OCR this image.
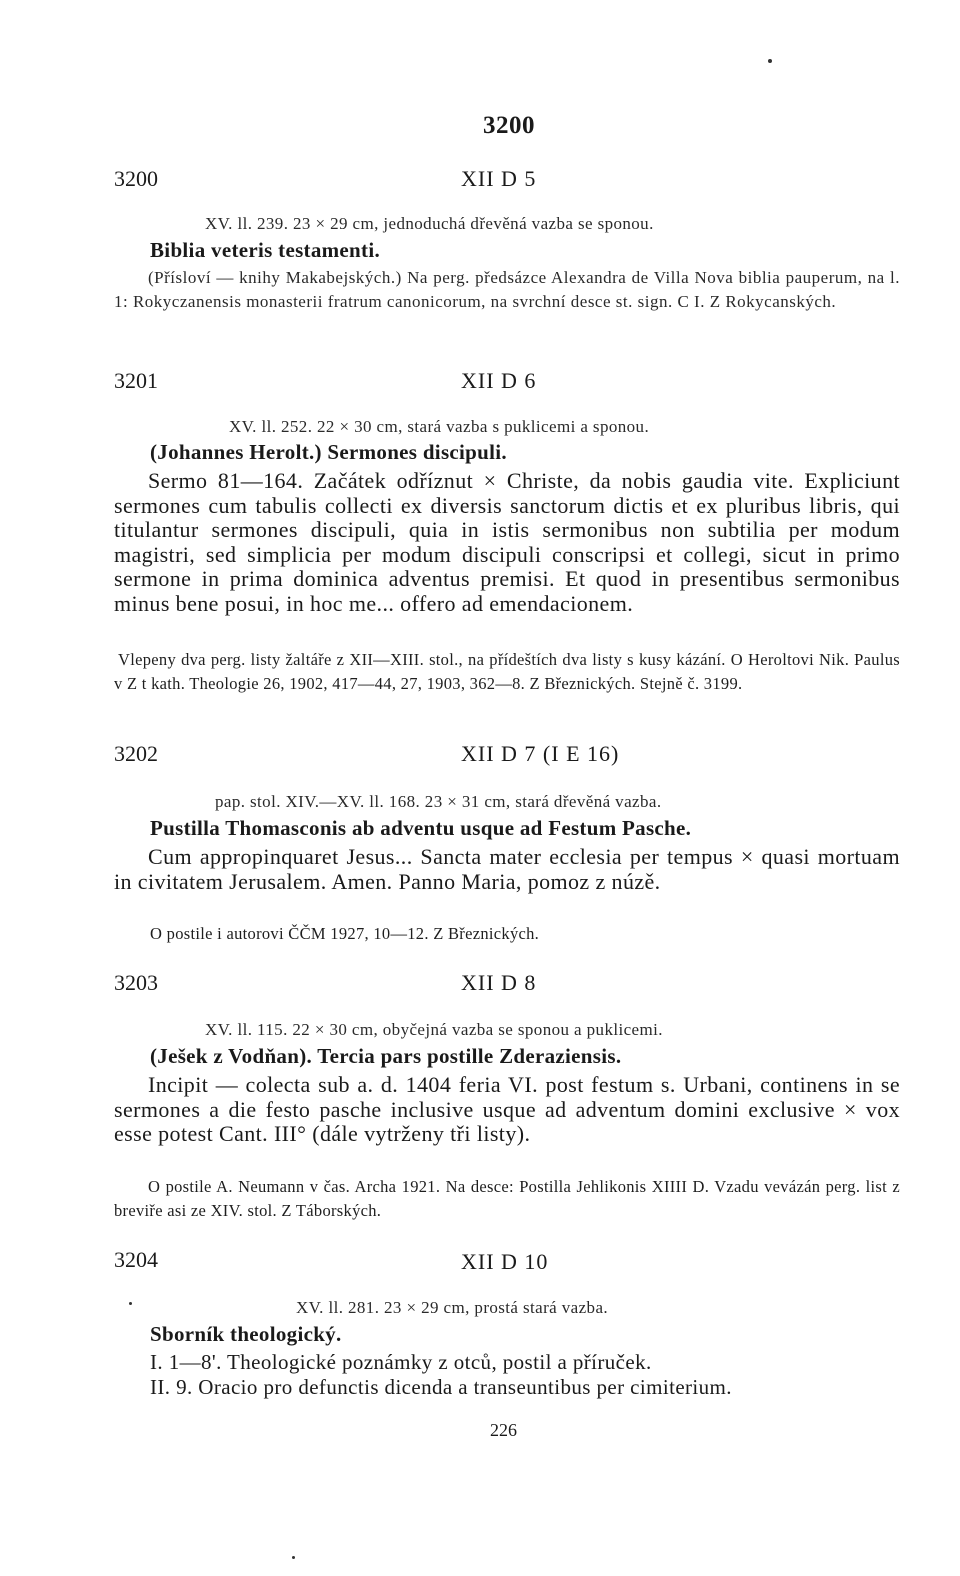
3200
3200	XII D 5
XV. ll. 239. 23 × 29 cm, jednoduchá dřevěná vazba se sponou.
Biblia veteris testamenti.
(Přísloví — knihy Makabejských.) Na perg. předsázce Alexandra de Villa Nova biblia pauperum, na l. 1: Rokyczanensis monasterii fratrum canonicorum, na svrchní desce st. sign. C I. Z Rokycanských.
3201	XII D 6
XV. ll. 252. 22 × 30 cm, stará vazba s puklicemi a sponou.
(Johannes Herolt.) Sermones discipuli.
Sermo 81—164. Začátek odříznut × Christe, da nobis gaudia vite. Expliciunt sermones cum tabulis collecti ex diversis sanctorum dictis et ex pluribus libris, qui titulantur sermones discipuli, quia in istis sermonibus non subtilia per modum magistri, sed simplicia per modum discipuli conscripsi et collegi, sicut in primo sermone in prima dominica adventus premisi. Et quod in presentibus sermonibus minus bene posui, in hoc me... offero ad emendacionem.
Vlepeny dva perg. listy žaltáře z XII—XIII. stol., na přídeštích dva listy s kusy kázání. O Heroltovi Nik. Paulus v Z t kath. Theologie 26, 1902, 417—44, 27, 1903, 362—8. Z Březnických. Stejně č. 3199.
3202	XII D 7 (I E 16)
pap. stol. XIV.—XV. ll. 168. 23 × 31 cm, stará dřevěná vazba.
Pustilla Thomasconis ab adventu usque ad Festum Pasche.
Cum appropinquaret Jesus... Sancta mater ecclesia per tempus × quasi mortuam in civitatem Jerusalem. Amen. Panno Maria, pomoz z núzě.
O postile i autorovi ČČM 1927, 10—12. Z Březnických.
3203	XII D 8
XV. ll. 115. 22 × 30 cm, obyčejná vazba se sponou a puklicemi.
(Ješek z Vodňan). Tercia pars postille Zderaziensis.
Incipit — colecta sub a. d. 1404 feria VI. post festum s. Urbani, continens in se sermones a die festo pasche inclusive usque ad adventum domini exclusive × vox esse potest Cant. III° (dále vytrženy tři listy).
O postile A. Neumann v čas. Archa 1921. Na desce: Postilla Jehlikonis XIIII D. Vzadu vevázán perg. list z breviře asi ze XIV. stol. Z Táborských.
3204	XII D 10
XV. ll. 281. 23 × 29 cm, prostá stará vazba.
Sborník theologický.
I. 1—8'. Theologické poznámky z otců, postil a příruček.
II. 9. Oracio pro defunctis dicenda a transeuntibus per cimiterium.
226
